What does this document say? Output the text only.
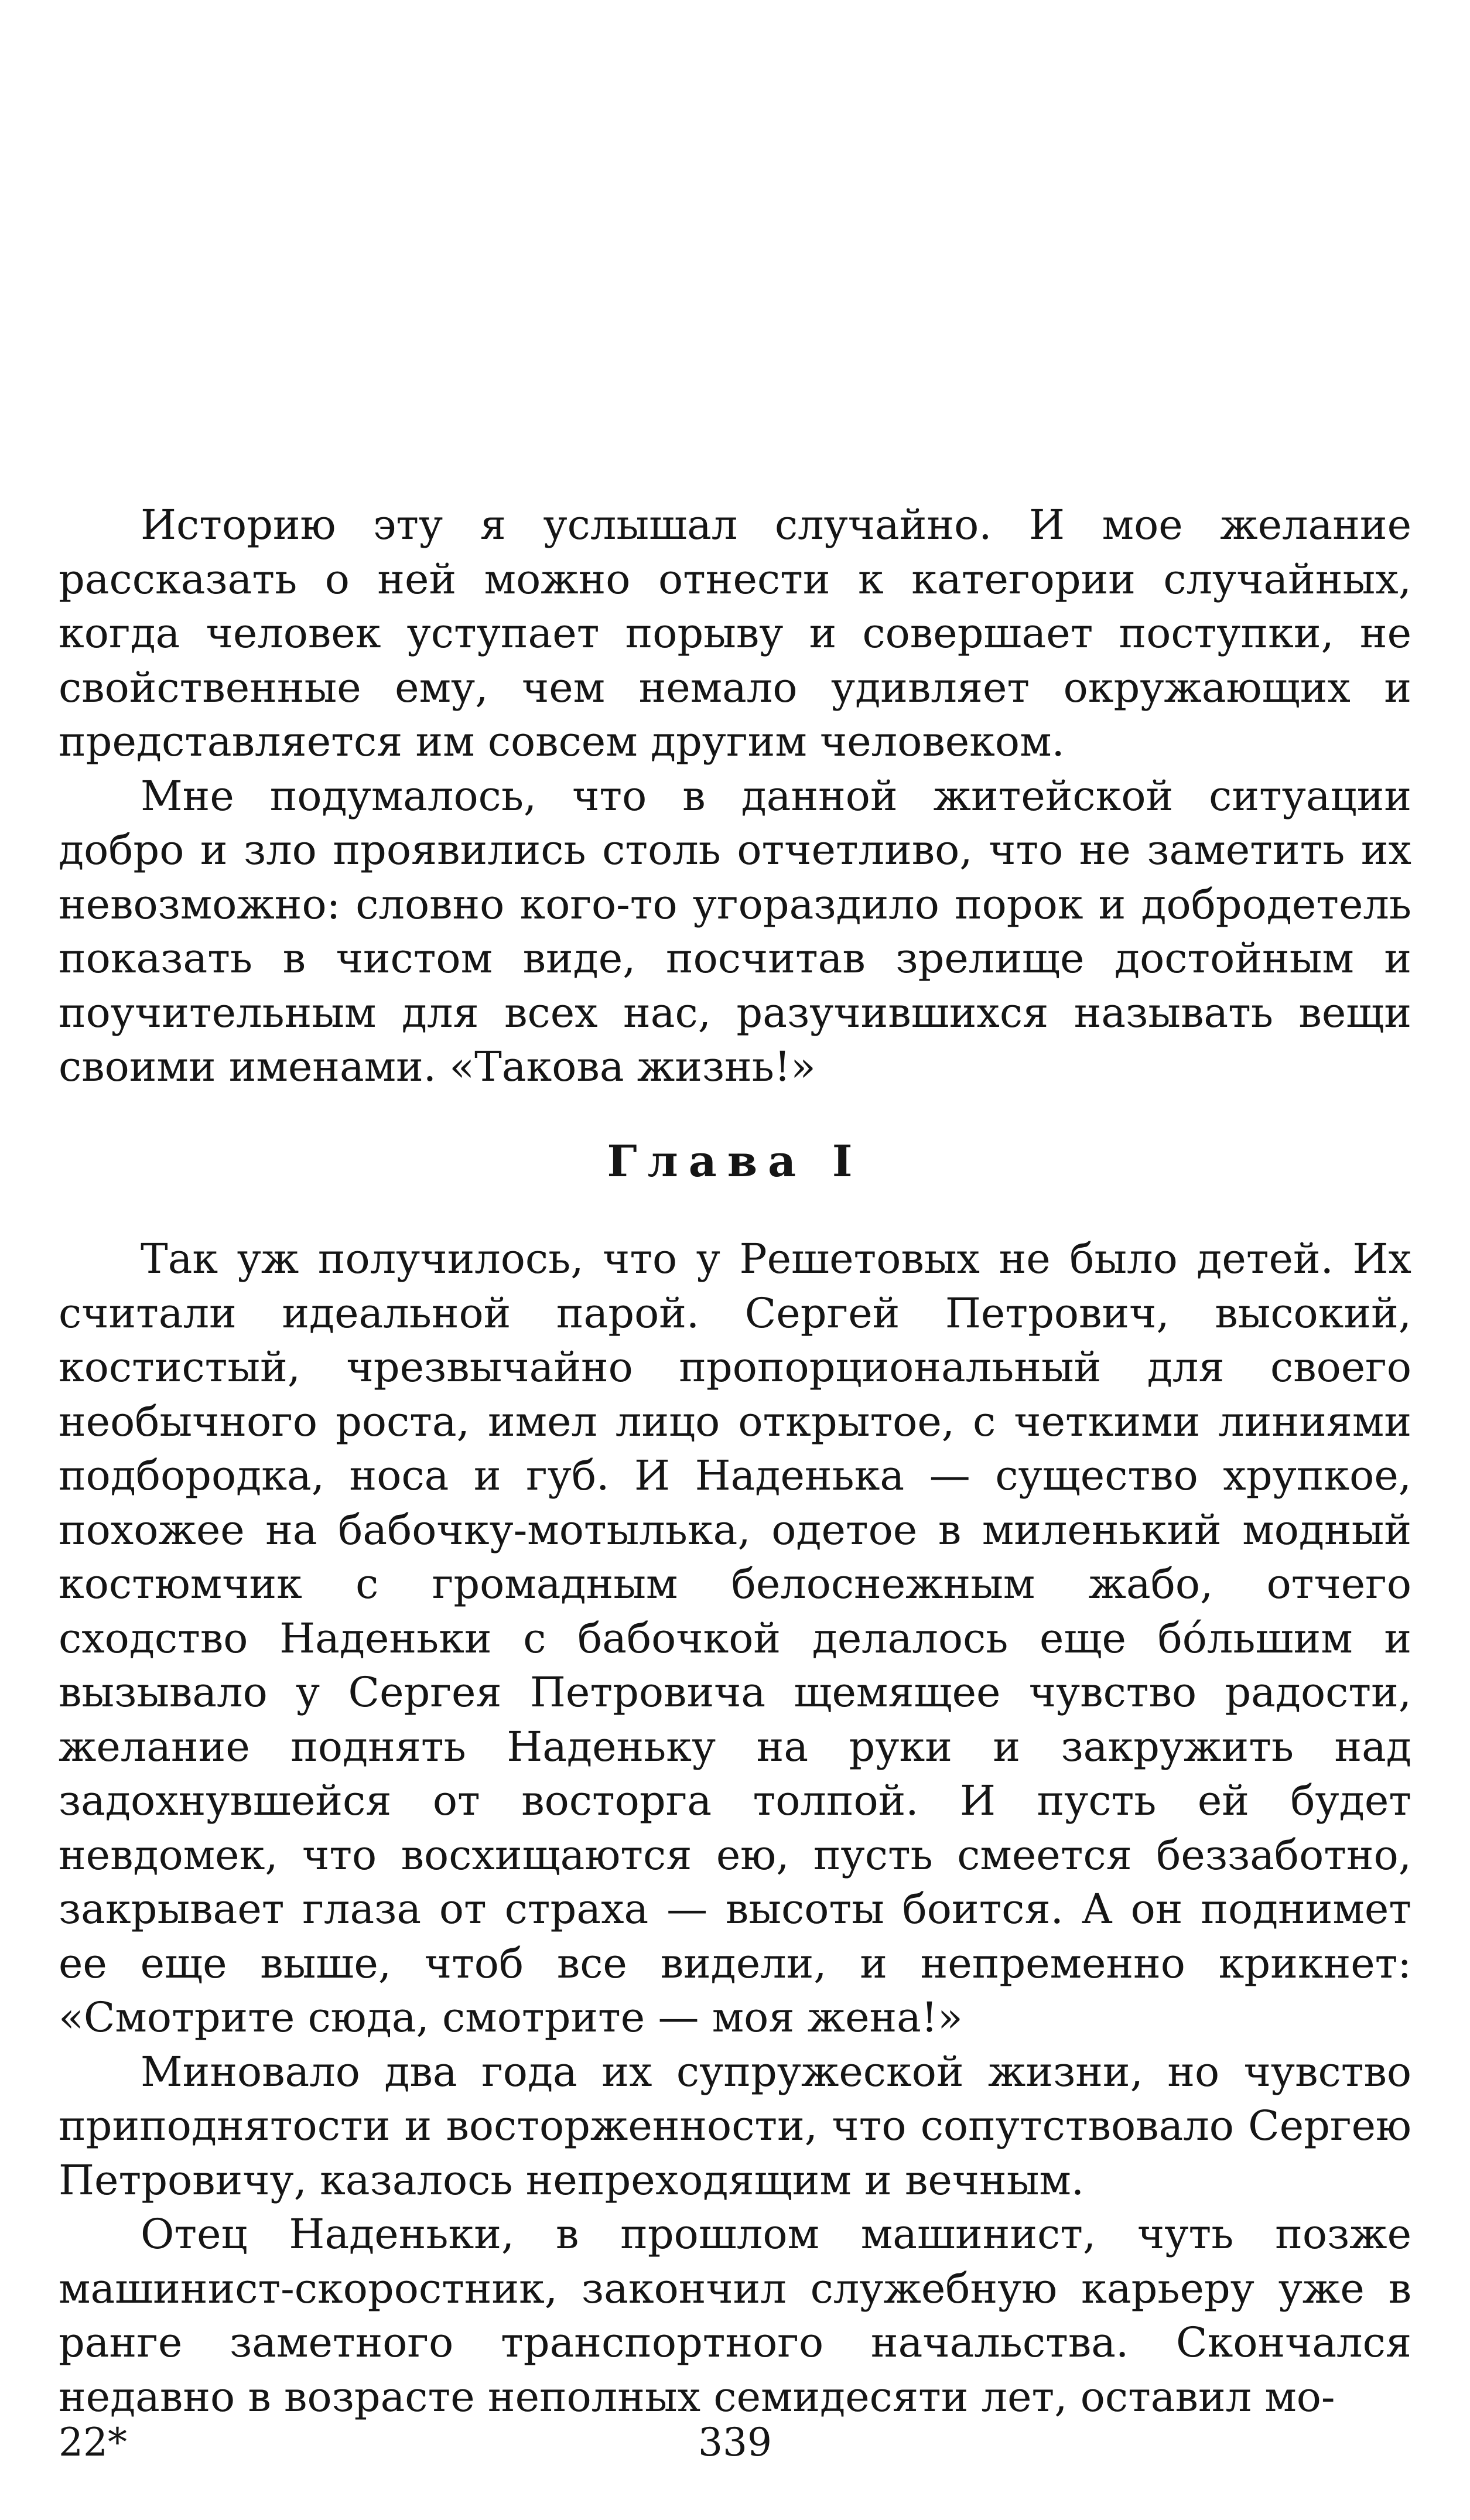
Историю эту я услышал случайно. И мое желание рассказать о ней можно отнести к категории случайных, когда человек уступает порыву и совершает поступки, не свойственные ему, чем немало удивляет окружающих и представляется им совсем другим человеком.

Мне подумалось, что в данной житейской ситуации добро и зло проявились столь отчетливо, что не заметить их невозможно: словно кого-то угораздило порок и добродетель показать в чистом виде, посчитав зрелище достойным и поучительным для всех нас, разучившихся называть вещи своими именами. «Такова жизнь!»

Глава I

Так уж получилось, что у Решетовых не было детей. Их считали идеальной парой. Сергей Петрович, высокий, костистый, чрезвычайно пропорциональный для своего необычного роста, имел лицо открытое, с четкими линиями подбородка, носа и губ. И Наденька — существо хрупкое, похожее на бабочку-мотылька, одетое в миленький модный костюмчик с громадным белоснежным жабо, отчего сходство Наденьки с бабочкой делалось еще бóльшим и вызывало у Сергея Петровича щемящее чувство радости, желание поднять Наденьку на руки и закружить над задохнувшейся от восторга толпой. И пусть ей будет невдомек, что восхищаются ею, пусть смеется беззаботно, закрывает глаза от страха — высоты боится. А он поднимет ее еще выше, чтоб все видели, и непременно крикнет: «Смотрите сюда, смотрите — моя жена!»

Миновало два года их супружеской жизни, но чувство приподнятости и восторженности, что сопутствовало Сергею Петровичу, казалось непреходящим и вечным.

Отец Наденьки, в прошлом машинист, чуть позже машинист-скоростник, закончил служебную карьеру уже в ранге заметного транспортного начальства. Скончался недавно в возрасте неполных семидесяти лет, оставил мо-

22*	339
